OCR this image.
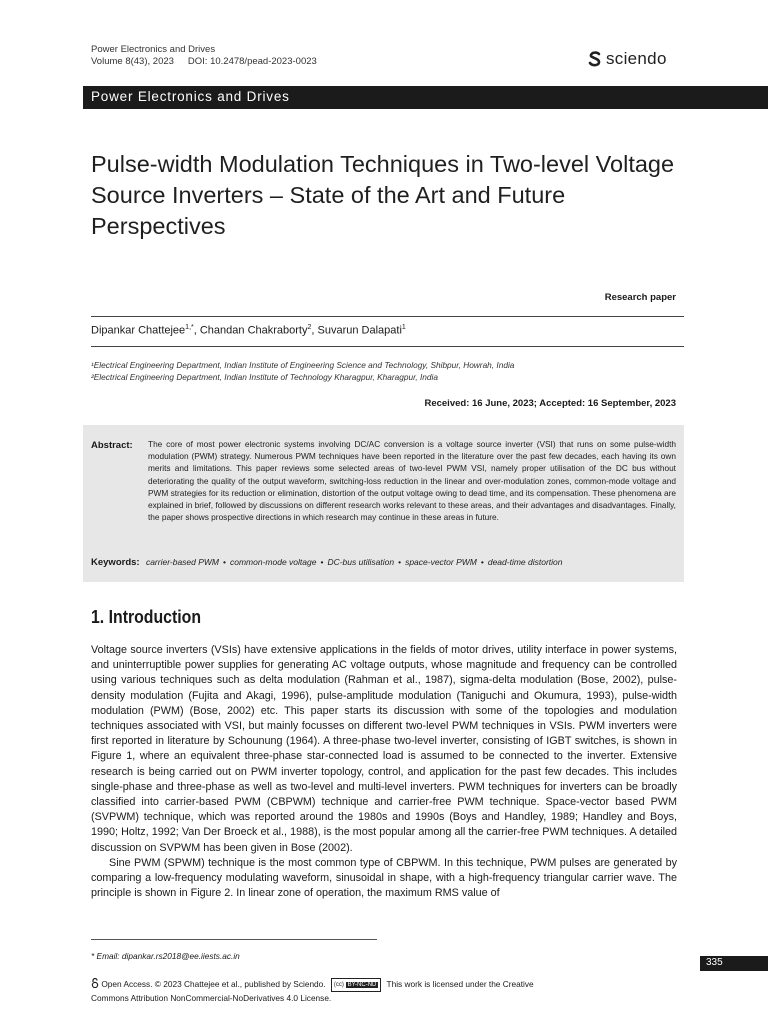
Power Electronics and Drives
Volume 8(43), 2023 DOI: 10.2478/pead-2023-0023	sciendo
Power Electronics and Drives
Pulse-width Modulation Techniques in Two-level Voltage Source Inverters – State of the Art and Future Perspectives
Research paper
Dipankar Chattejee$^{1,*}$, Chandan Chakraborty$^2$, Suvarun Dalapati$^1$
¹Electrical Engineering Department, Indian Institute of Engineering Science and Technology, Shibpur, Howrah, India
²Electrical Engineering Department, Indian Institute of Technology Kharagpur, Kharagpur, India
Received: 16 June, 2023; Accepted: 16 September, 2023
Abstract: The core of most power electronic systems involving DC/AC conversion is a voltage source inverter (VSI) that runs on some pulse-width modulation (PWM) strategy. Numerous PWM techniques have been reported in the literature over the past few decades, each having its own merits and limitations. This paper reviews some selected areas of two-level PWM VSI, namely proper utilisation of the DC bus without deteriorating the quality of the output waveform, switching-loss reduction in the linear and over-modulation zones, common-mode voltage and PWM strategies for its reduction or elimination, distortion of the output voltage owing to dead time, and its compensation. These phenomena are explained in brief, followed by discussions on different research works relevant to these areas, and their advantages and disadvantages. Finally, the paper shows prospective directions in which research may continue in these areas in future.
Keywords: carrier-based PWM • common-mode voltage • DC-bus utilisation • space-vector PWM • dead-time distortion
1. Introduction

Voltage source inverters (VSIs) have extensive applications in the fields of motor drives, utility interface in power systems, and uninterruptible power supplies for generating AC voltage outputs, whose magnitude and frequency can be controlled using various techniques such as delta modulation (Rahman et al., 1987), sigma-delta modulation (Bose, 2002), pulse-density modulation (Fujita and Akagi, 1996), pulse-amplitude modulation (Taniguchi and Okumura, 1993), pulse-width modulation (PWM) (Bose, 2002) etc. This paper starts its discussion with some of the topologies and modulation techniques associated with VSI, but mainly focusses on different two-level PWM techniques in VSIs. PWM inverters were first reported in literature by Schounung (1964). A three-phase two-level inverter, consisting of IGBT switches, is shown in Figure 1, where an equivalent three-phase star-connected load is assumed to be connected to the inverter. Extensive research is being carried out on PWM inverter topology, control, and application for the past few decades. This includes single-phase and three-phase as well as two-level and multi-level inverters. PWM techniques for inverters can be broadly classified into carrier-based PWM (CBPWM) technique and carrier-free PWM technique. Space-vector based PWM (SVPWM) technique, which was reported around the 1980s and 1990s (Boys and Handley, 1989; Handley and Boys, 1990; Holtz, 1992; Van Der Broeck et al., 1988), is the most popular among all the carrier-free PWM techniques. A detailed discussion on SVPWM has been given in Bose (2002).

Sine PWM (SPWM) technique is the most common type of CBPWM. In this technique, PWM pulses are generated by comparing a low-frequency modulating waveform, sinusoidal in shape, with a high-frequency triangular carrier wave. The principle is shown in Figure 2. In linear zone of operation, the maximum RMS value of

* Email: dipankar.rs2018@ee.iiests.ac.in
335
Open Access. © 2023 Chattejee et al., published by Sciendo. (cc) BY-NC-ND This work is licensed under the Creative Commons Attribution NonCommercial-NoDerivatives 4.0 License.
